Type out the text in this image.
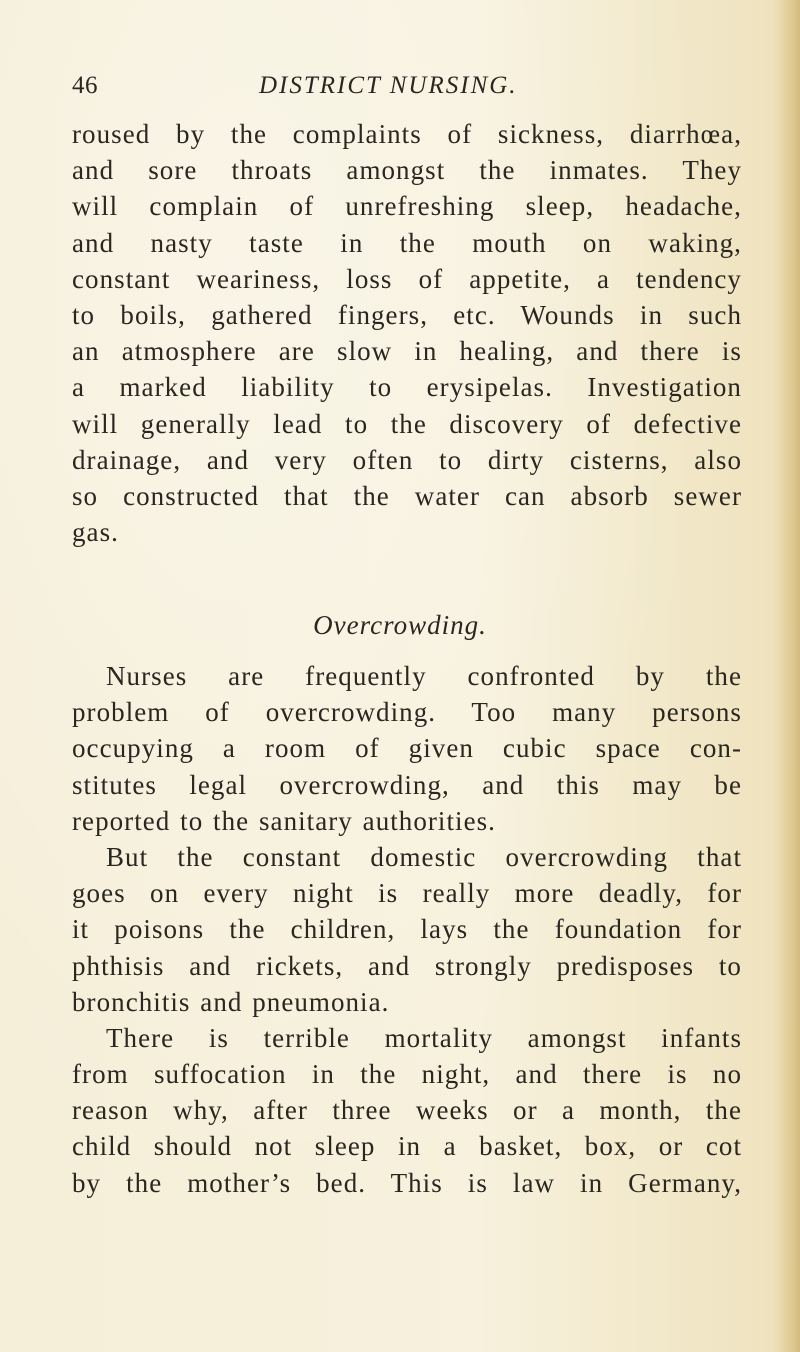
46	DISTRICT NURSING.
roused by the complaints of sickness, diarrhœa,
and sore throats amongst the inmates. They
will complain of unrefreshing sleep, headache,
and nasty taste in the mouth on waking,
constant weariness, loss of appetite, a tendency
to boils, gathered fingers, etc. Wounds in such
an atmosphere are slow in healing, and there is
a marked liability to erysipelas. Investigation
will generally lead to the discovery of defective
drainage, and very often to dirty cisterns, also
so constructed that the water can absorb sewer
gas.
Overcrowding.
Nurses are frequently confronted by the
problem of overcrowding. Too many persons
occupying a room of given cubic space con-
stitutes legal overcrowding, and this may be
reported to the sanitary authorities.
But the constant domestic overcrowding that
goes on every night is really more deadly, for
it poisons the children, lays the foundation for
phthisis and rickets, and strongly predisposes to
bronchitis and pneumonia.
There is terrible mortality amongst infants
from suffocation in the night, and there is no
reason why, after three weeks or a month, the
child should not sleep in a basket, box, or cot
by the mother’s bed. This is law in Germany,
